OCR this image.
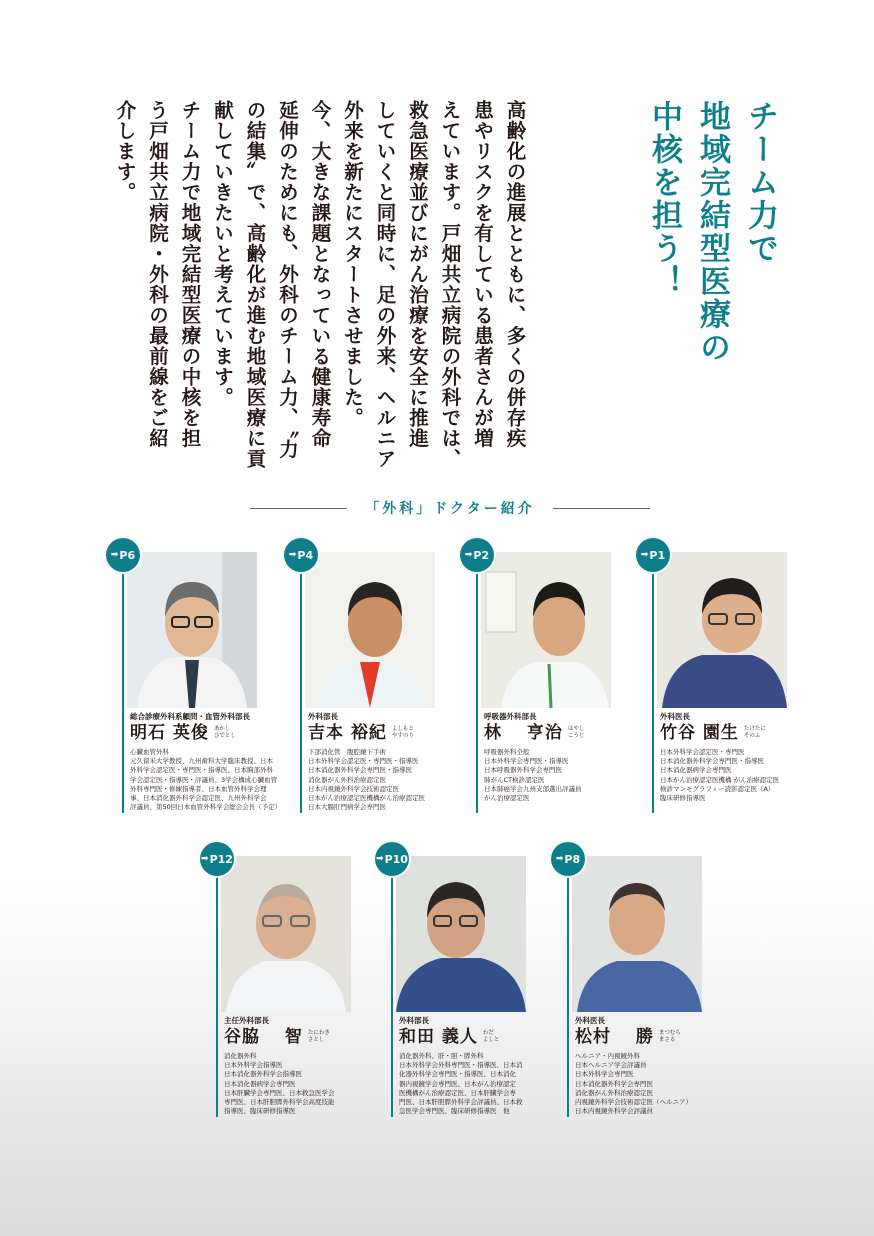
チーム力で
地域完結型医療の
中核を担う！
高齢化の進展とともに、多くの併存疾
患やリスクを有している患者さんが増
えています。戸畑共立病院の外科では、
救急医療並びにがん治療を安全に推進
していくと同時に、足の外来、ヘルニア
外来を新たにスタートさせました。
今、大きな課題となっている健康寿命
延伸のためにも、外科のチーム力、〝力
の結集〟で、高齢化が進む地域医療に貢
献していきたいと考えています。
チーム力で地域完結型医療の中核を担
う戸畑共立病院・外科の最前線をご紹
介します。
「外科」ドクター紹介
➡ P6
総合診療外科系顧問・血管外科部長
明石 英俊 あかし
ひでとし
心臓血管外科
元久留米大学教授、九州歯科大学臨床教授、日本
外科学会認定医・専門医・指導医、日本胸部外科
学会認定医・指導医・評議員、3学会構成心臓血管
外科専門医・修練指導者、日本血管外科学会理
事、日本消化器外科学会認定医、九州外科学会
評議員、第50回日本血管外科学会総会会長（予定）
➡ P4
外科部長
吉本 裕紀 よしもと
やすのり
下部消化管　腹腔鏡下手術
日本外科学会認定医・専門医・指導医
日本消化器外科学会専門医・指導医
消化器がん外科治療認定医
日本内視鏡外科学会技術認定医
日本がん治療認定医機構がん治療認定医
日本大腸肛門病学会専門医
➡ P2
呼吸器外科部長
林　 亨治 はやし
こうじ
呼吸器外科全般
日本外科学会専門医・指導医
日本呼吸器外科学会専門医
肺がんCT検診認定医
日本肺癌学会九州支部選出評議員
がん治療認定医
➡ P1
外科医長
竹谷 園生 たけたに
そのふ
日本外科学会認定医・専門医
日本消化器外科学会専門医・指導医
日本消化器病学会専門医
日本がん治療認定医機構 がん治療認定医
検診マンモグラフィー読影認定医（A）
臨床研修指導医
➡ P12
主任外科部長
谷脇　 智 たにわき
さとし
消化器外科
日本外科学会指導医
日本消化器外科学会指導医
日本消化器病学会専門医
日本肝臓学会専門医、日本救急医学会
専門医、日本肝胆膵外科学会高度技能
指導医、臨床研修指導医
➡ P10
外科部長
和田 義人 わだ
よしと
消化器外科、肝・胆・膵外科
日本外科学会外科専門医・指導医、日本消
化器外科学会専門医・指導医、日本消化
器内視鏡学会専門医、日本がん治療認定
医機構がん治療認定医、日本肝臓学会専
門医、日本肝胆膵外科学会評議員、日本救
急医学会専門医、臨床研修指導医　他
➡ P8
外科医長
松村　 勝 まつむら
まさる
ヘルニア・内視鏡外科
日本ヘルニア学会評議員
日本外科学会専門医
日本消化器外科学会専門医
消化器がん外科治療認定医
内視鏡外科学会技術認定医（ヘルニア）
日本内視鏡外科学会評議員
